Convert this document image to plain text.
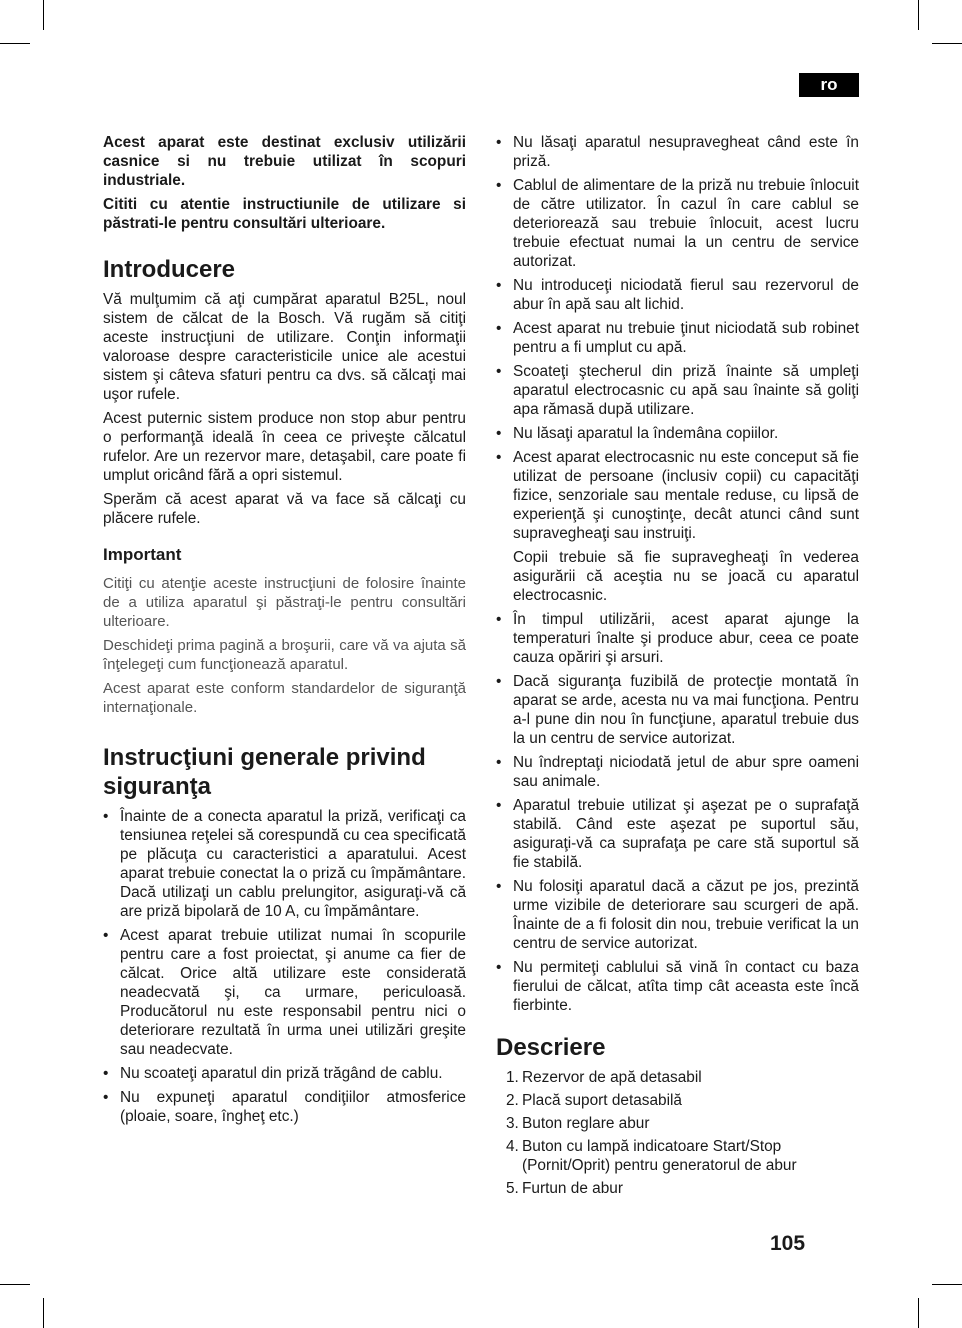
ro

Acest aparat este destinat exclusiv utilizării casnice si nu trebuie utilizat în scopuri industriale.

Cititi cu atentie instructiunile de utilizare si păstrati-le pentru consultări ulterioare.

Introducere

Vă mulţumim că aţi cumpărat aparatul B25L, noul sistem de călcat de la Bosch. Vă rugăm să citiţi aceste instrucţiuni de utilizare. Conţin informaţii valoroase despre caracteristicile unice ale acestui sistem şi câteva sfaturi pentru ca dvs. să călcaţi mai uşor rufele.

Acest puternic sistem produce non stop abur pentru o performanţă ideală în ceea ce priveşte călcatul rufelor. Are un rezervor mare, detaşabil, care poate fi umplut oricând fără a opri sistemul.

Sperăm că acest aparat vă va face să călcaţi cu plăcere rufele.

Important

Citiţi cu atenţie aceste instrucţiuni de folosire înainte de a utiliza aparatul şi păstraţi-le pentru consultări ulterioare.

Deschideţi prima pagină a broşurii, care vă va ajuta să înţelegeţi cum funcţionează aparatul.

Acest aparat este conform standardelor de siguranţă internaţionale.

Instrucţiuni generale privind siguranţa
• Înainte de a conecta aparatul la priză, verificaţi ca tensiunea reţelei să corespundă cu cea specificată pe plăcuţa cu caracteristici a aparatului. Acest aparat trebuie conectat la o priză cu împământare. Dacă utilizaţi un cablu prelungitor, asiguraţi-vă că are priză bipolară de 10 A, cu împământare.
• Acest aparat trebuie utilizat numai în scopurile pentru care a fost proiectat, şi anume ca fier de călcat. Orice altă utilizare este considerată neadecvată şi, ca urmare, periculoasă. Producătorul nu este responsabil pentru nici o deteriorare rezultată în urma unei utilizări greşite sau neadecvate.
• Nu scoateţi aparatul din priză trăgând de cablu.
• Nu expuneţi aparatul condiţiilor atmosferice (ploaie, soare, îngheţ etc.)
• Nu lăsaţi aparatul nesupravegheat când este în priză.
• Cablul de alimentare de la priză nu trebuie înlocuit de către utilizator. În cazul în care cablul se deteriorează sau trebuie înlocuit, acest lucru trebuie efectuat numai la un centru de service autorizat.
• Nu introduceţi niciodată fierul sau rezervorul de abur în apă sau alt lichid.
• Acest aparat nu trebuie ţinut niciodată sub robinet pentru a fi umplut cu apă.
• Scoateţi ştecherul din priză înainte să umpleţi aparatul electrocasnic cu apă sau înainte să goliţi apa rămasă după utilizare.
• Nu lăsaţi aparatul la îndemâna copiilor.
• Acest aparat electrocasnic nu este conceput să fie utilizat de persoane (inclusiv copii) cu capacităţi fizice, senzoriale sau mentale reduse, cu lipsă de experienţă şi cunoştinţe, decât atunci când sunt supravegheaţi sau instruiţi.
Copii trebuie să fie supravegheaţi în vederea asigurării că aceştia nu se joacă cu aparatul electrocasnic.
• În timpul utilizării, acest aparat ajunge la temperaturi înalte şi produce abur, ceea ce poate cauza opăriri şi arsuri.
• Dacă siguranţa fuzibilă de protecţie montată în aparat se arde, acesta nu va mai funcţiona. Pentru a-l pune din nou în funcţiune, aparatul trebuie dus la un centru de service autorizat.
• Nu îndreptaţi niciodată jetul de abur spre oameni sau animale.
• Aparatul trebuie utilizat şi aşezat pe o suprafaţă stabilă. Când este aşezat pe suportul său, asiguraţi-vă ca suprafaţa pe care stă suportul să fie stabilă.
• Nu folosiţi aparatul dacă a căzut pe jos, prezintă urme vizibile de deteriorare sau scurgeri de apă. Înainte de a fi folosit din nou, trebuie verificat la un centru de service autorizat.
• Nu permiteţi cablului să vină în contact cu baza fierului de călcat, atîta timp cât aceasta este încă fierbinte.
Descriere
1. Rezervor de apă detasabil
2. Placă suport detasabilă
3. Buton reglare abur
4. Buton cu lampă indicatoare Start/Stop (Pornit/Oprit) pentru generatorul de abur
5. Furtun de abur
105
